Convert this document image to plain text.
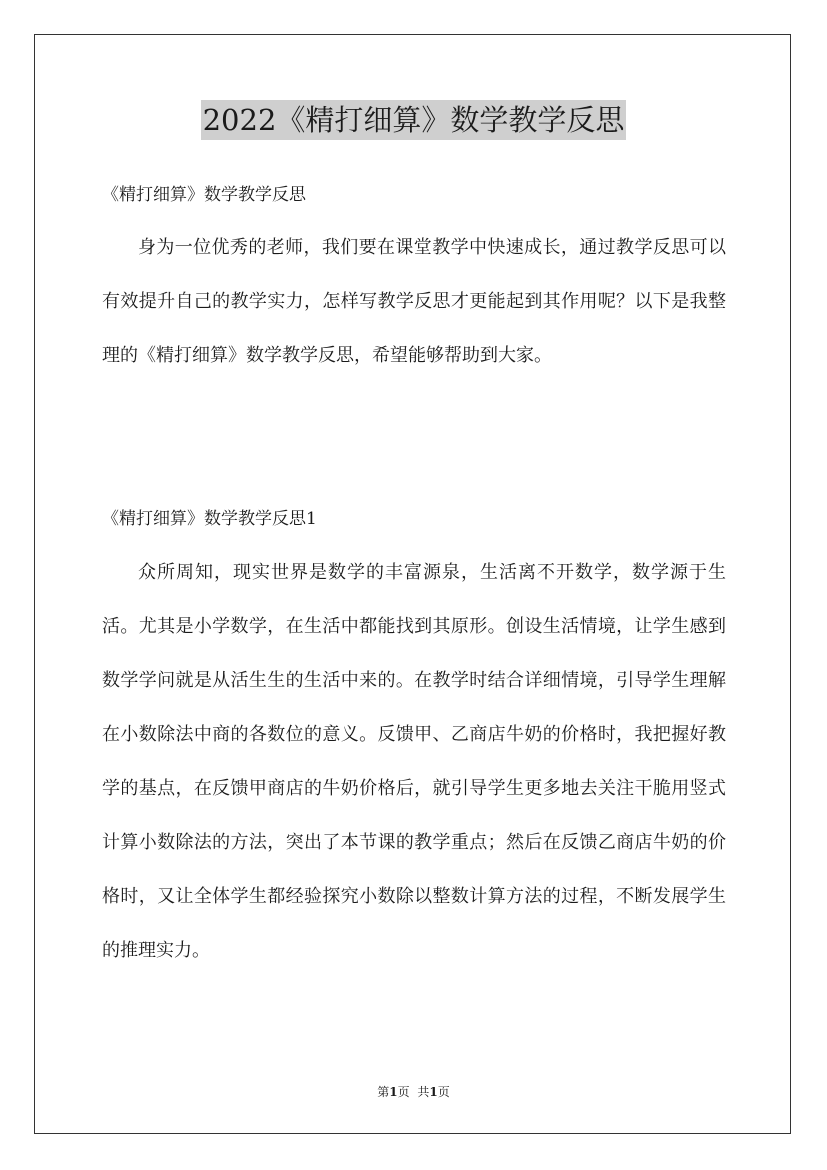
2022《精打细算》数学教学反思
《精打细算》数学教学反思

身为一位优秀的老师，我们要在课堂教学中快速成长，通过教学反思可以有效提升自己的教学实力，怎样写教学反思才更能起到其作用呢？以下是我整理的《精打细算》数学教学反思，希望能够帮助到大家。

《精打细算》数学教学反思1

众所周知，现实世界是数学的丰富源泉，生活离不开数学，数学源于生活。尤其是小学数学，在生活中都能找到其原形。创设生活情境，让学生感到数学学问就是从活生生的生活中来的。在教学时结合详细情境，引导学生理解在小数除法中商的各数位的意义。反馈甲、乙商店牛奶的价格时，我把握好教学的基点，在反馈甲商店的牛奶价格后，就引导学生更多地去关注干脆用竖式计算小数除法的方法，突出了本节课的教学重点；然后在反馈乙商店牛奶的价格时，又让全体学生都经验探究小数除以整数计算方法的过程，不断发展学生的推理实力。

第1页 共1页
